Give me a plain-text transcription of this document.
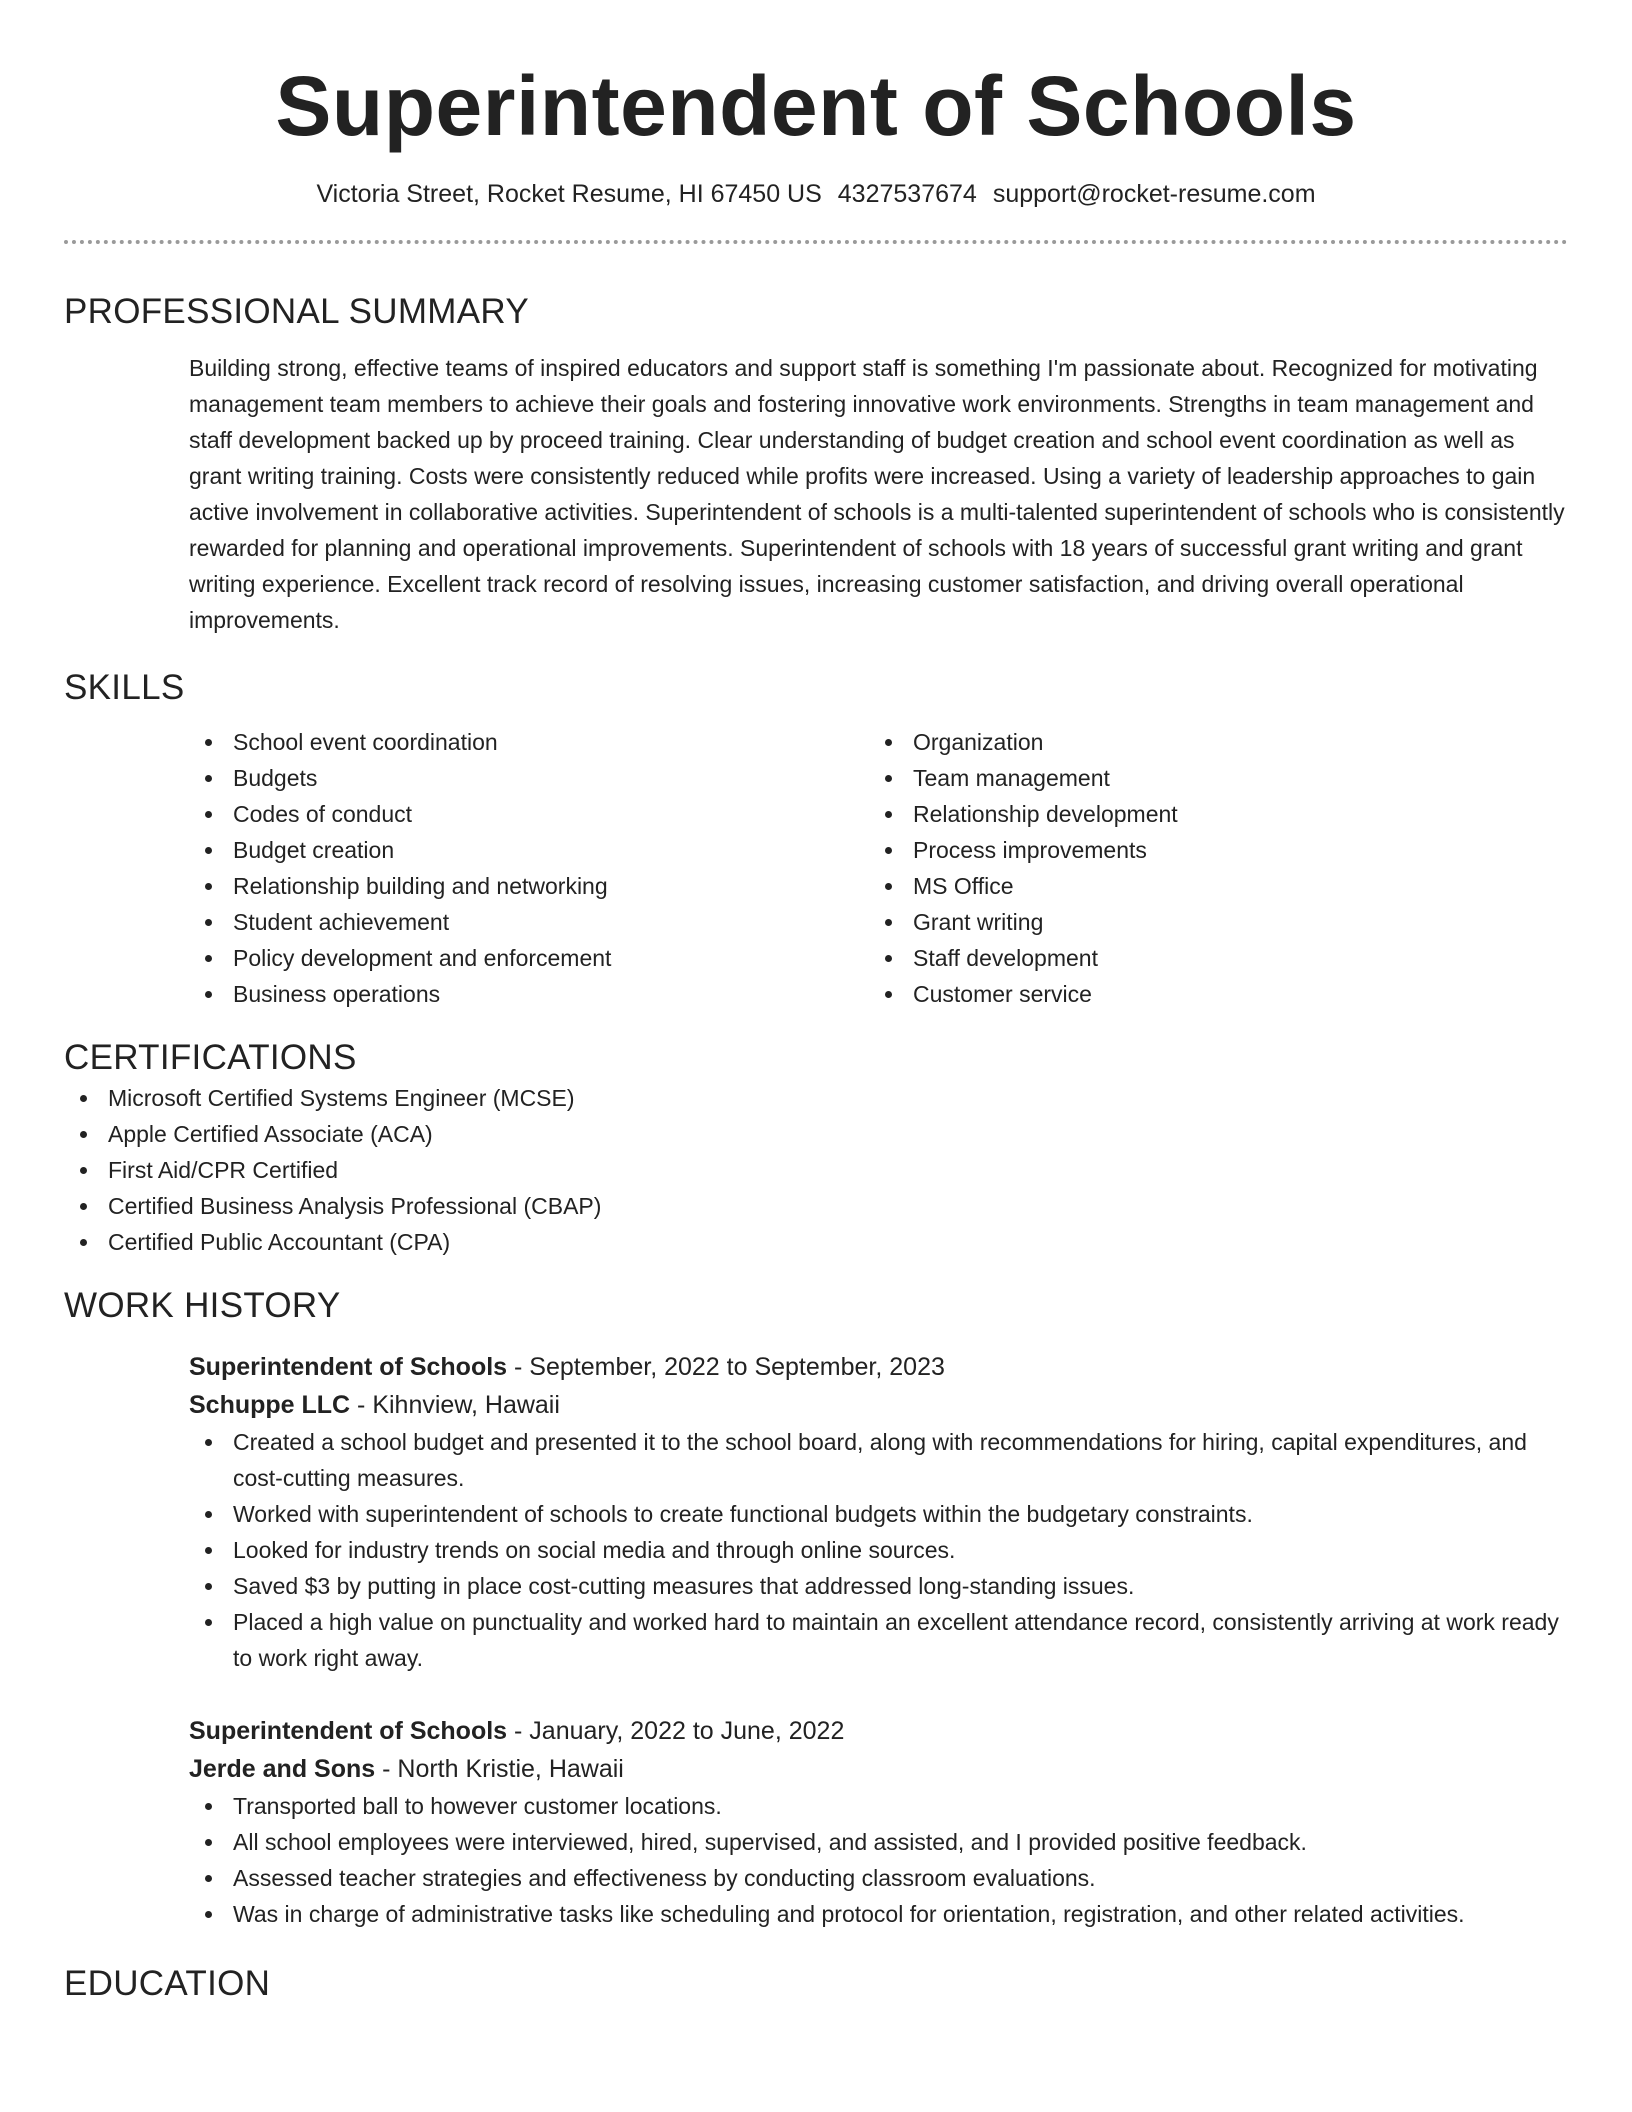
Superintendent of Schools
Victoria Street, Rocket Resume, HI 67450 US 4327537674 support@rocket-resume.com
PROFESSIONAL SUMMARY

Building strong, effective teams of inspired educators and support staff is something I'm passionate about. Recognized for motivating management team members to achieve their goals and fostering innovative work environments. Strengths in team management and staff development backed up by proceed training. Clear understanding of budget creation and school event coordination as well as grant writing training. Costs were consistently reduced while profits were increased. Using a variety of leadership approaches to gain active involvement in collaborative activities. Superintendent of schools is a multi-talented superintendent of schools who is consistently rewarded for planning and operational improvements. Superintendent of schools with 18 years of successful grant writing and grant writing experience. Excellent track record of resolving issues, increasing customer satisfaction, and driving overall operational improvements.

SKILLS
School event coordination
Budgets
Codes of conduct
Budget creation
Relationship building and networking
Student achievement
Policy development and enforcement
Business operations
Organization
Team management
Relationship development
Process improvements
MS Office
Grant writing
Staff development
Customer service
CERTIFICATIONS
Microsoft Certified Systems Engineer (MCSE)
Apple Certified Associate (ACA)
First Aid/CPR Certified
Certified Business Analysis Professional (CBAP)
Certified Public Accountant (CPA)
WORK HISTORY
Superintendent of Schools - September, 2022 to September, 2023
Schuppe LLC - Kihnview, Hawaii
Created a school budget and presented it to the school board, along with recommendations for hiring, capital expenditures, and cost-cutting measures.
Worked with superintendent of schools to create functional budgets within the budgetary constraints.
Looked for industry trends on social media and through online sources.
Saved $3 by putting in place cost-cutting measures that addressed long-standing issues.
Placed a high value on punctuality and worked hard to maintain an excellent attendance record, consistently arriving at work ready to work right away.
Superintendent of Schools - January, 2022 to June, 2022
Jerde and Sons - North Kristie, Hawaii
Transported ball to however customer locations.
All school employees were interviewed, hired, supervised, and assisted, and I provided positive feedback.
Assessed teacher strategies and effectiveness by conducting classroom evaluations.
Was in charge of administrative tasks like scheduling and protocol for orientation, registration, and other related activities.
EDUCATION
